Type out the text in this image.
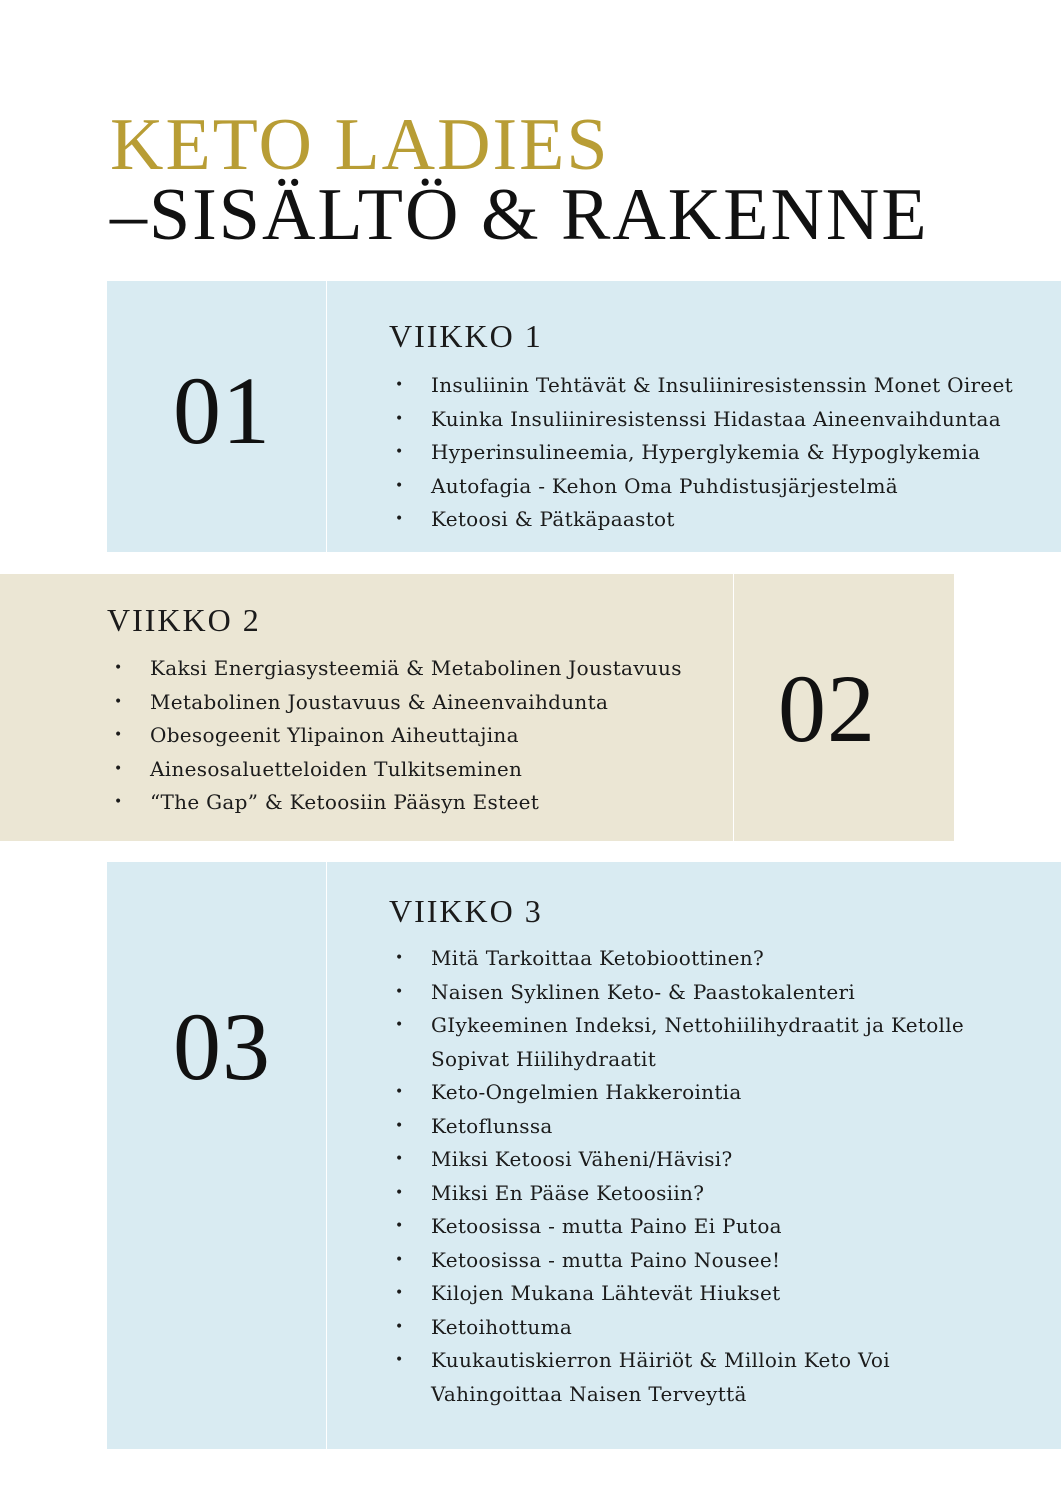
KETO LADIES
–SISÄLTÖ & RAKENNE
01
VIIKKO 1
•	Insuliinin Tehtävät & Insuliiniresistenssin Monet Oireet
•	Kuinka Insuliiniresistenssi Hidastaa Aineenvaihduntaa
•	Hyperinsulineemia, Hyperglykemia & Hypoglykemia
•	Autofagia - Kehon Oma Puhdistusjärjestelmä
•	Ketoosi & Pätkäpaastot
VIIKKO 2
•	Kaksi Energiasysteemiä & Metabolinen Joustavuus
•	Metabolinen Joustavuus & Aineenvaihdunta
•	Obesogeenit Ylipainon Aiheuttajina
•	Ainesosaluetteloiden Tulkitseminen
•	“The Gap” & Ketoosiin Pääsyn Esteet
02
03
VIIKKO 3
•	Mitä Tarkoittaa Ketobioottinen?
•	Naisen Syklinen Keto- & Paastokalenteri
•	GIykeeminen Indeksi, Nettohiilihydraatit ja Ketolle Sopivat Hiilihydraatit
•	Keto-Ongelmien Hakkerointia
•	Ketoflunssa
•	Miksi Ketoosi Väheni/Hävisi?
•	Miksi En Pääse Ketoosiin?
•	Ketoosissa - mutta Paino Ei Putoa
•	Ketoosissa - mutta Paino Nousee!
•	Kilojen Mukana Lähtevät Hiukset
•	Ketoihottuma
•	Kuukautiskierron Häiriöt & Milloin Keto Voi Vahingoittaa Naisen Terveyttä
